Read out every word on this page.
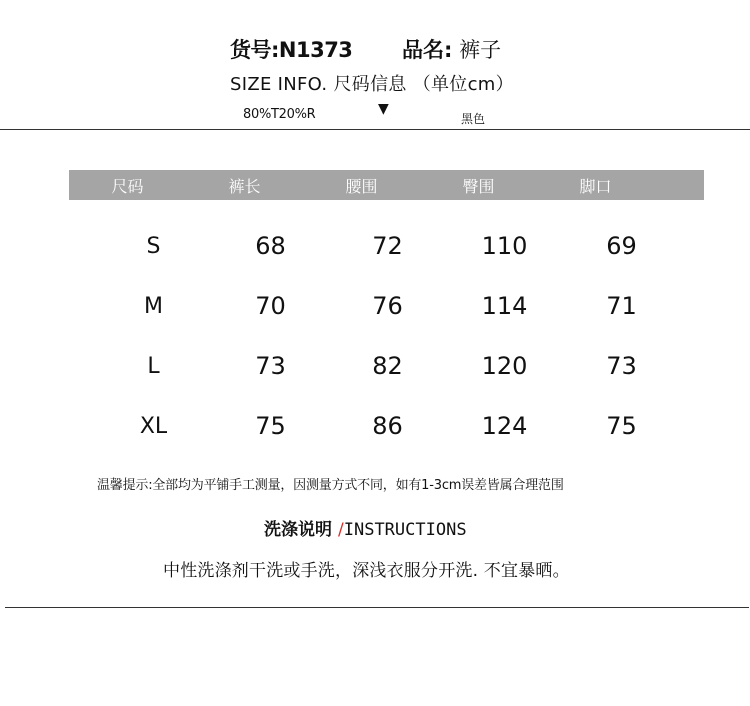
货号:N1373 品名: 裤子
SIZE INFO. 尺码信息 （单位cm）
80%T20%R	▼
黑色
尺码	裤长	腰围	臀围	脚口
S	68	72	110	69
M	70	76	114	71
L	73	82	120	73
XL	75	86	124	75
温馨提示:全部均为平铺手工测量，因测量方式不同，如有1-3cm误差皆属合理范围
洗涤说明 /INSTRUCTIONS
中性洗涤剂干洗或手洗，深浅衣服分开洗. 不宜暴晒。
